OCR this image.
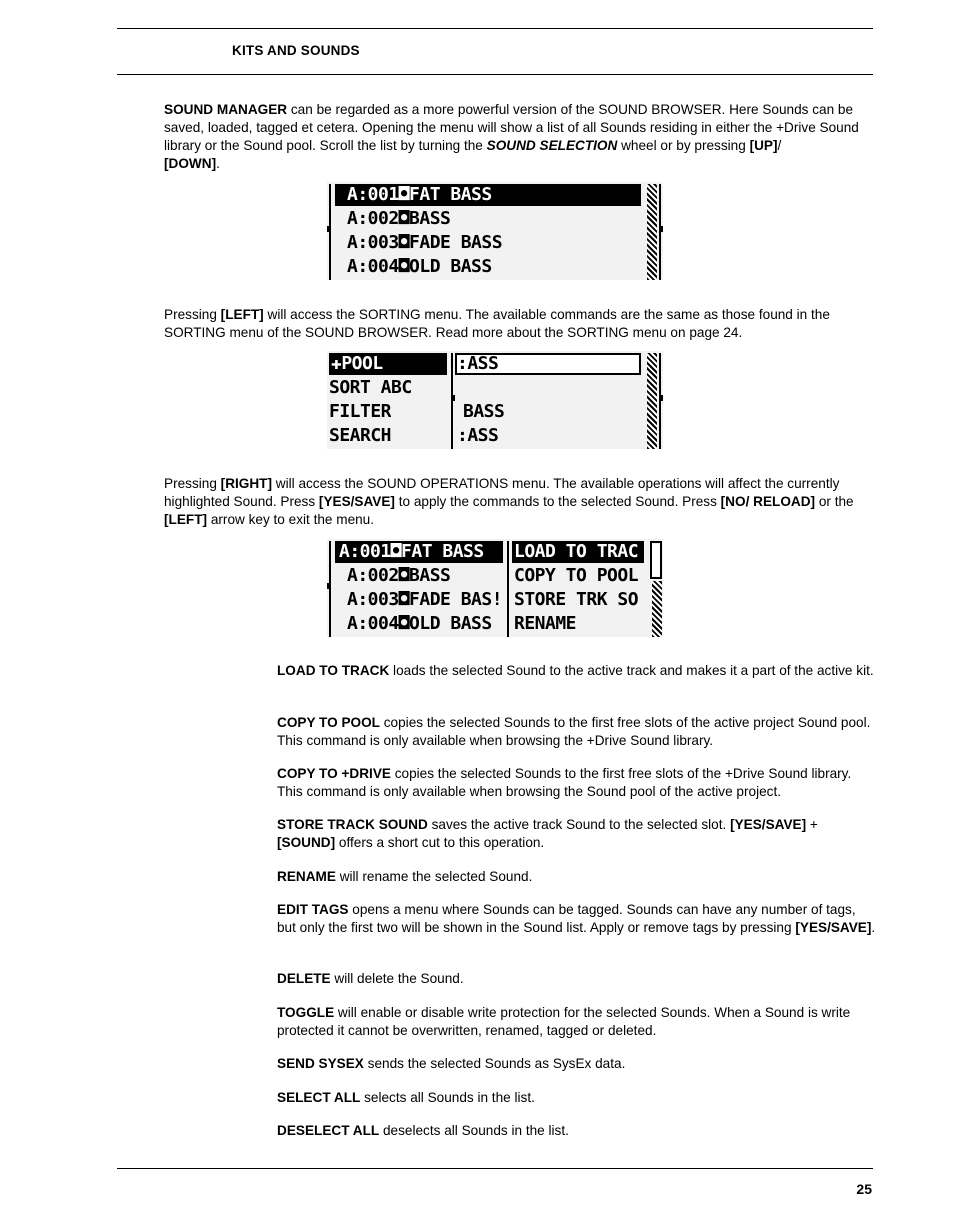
KITS AND SOUNDS
SOUND MANAGER can be regarded as a more powerful version of the SOUND BROWSER. Here Sounds can be saved, loaded, tagged et cetera. Opening the menu will show a list of all Sounds residing in either the +Drive Sound library or the Sound pool. Scroll the list by turning the SOUND SELECTION wheel or by pressing [UP]/
[DOWN].
A:001◘FAT BASS
A:002◘BASS
A:003◘FADE BASS
A:004◘OLD BASS
Pressing [LEFT] will access the SORTING menu. The available commands are the same as those found in the SORTING menu of the SOUND BROWSER. Read more about the SORTING menu on page 24.
✚POOL
SORT ABC
FILTER
SEARCH
:ASS
BASS
:ASS
Pressing [RIGHT] will access the SOUND OPERATIONS menu. The available operations will affect the currently highlighted Sound. Press [YES/SAVE] to apply the commands to the selected Sound. Press [NO/ RELOAD] or the [LEFT] arrow key to exit the menu.
A:001◘FAT BASS
A:002◘BASS
A:003◘FADE BAS!
A:004◘OLD BASS
LOAD TO TRAC
COPY TO POOL
STORE TRK SO
RENAME
LOAD TO TRACK loads the selected Sound to the active track and makes it a part of the active kit.
COPY TO POOL copies the selected Sounds to the first free slots of the active project Sound pool. This command is only available when browsing the +Drive Sound library.
COPY TO +DRIVE copies the selected Sounds to the first free slots of the +Drive Sound library. This command is only available when browsing the Sound pool of the active project.
STORE TRACK SOUND saves the active track Sound to the selected slot. [YES/SAVE] +
[SOUND] offers a short cut to this operation.
RENAME will rename the selected Sound.
EDIT TAGS opens a menu where Sounds can be tagged. Sounds can have any number of tags, but only the first two will be shown in the Sound list. Apply or remove tags by pressing [YES/SAVE].
DELETE will delete the Sound.
TOGGLE will enable or disable write protection for the selected Sounds. When a Sound is write protected it cannot be overwritten, renamed, tagged or deleted.
SEND SYSEX sends the selected Sounds as SysEx data.
SELECT ALL selects all Sounds in the list.
DESELECT ALL deselects all Sounds in the list.
25
